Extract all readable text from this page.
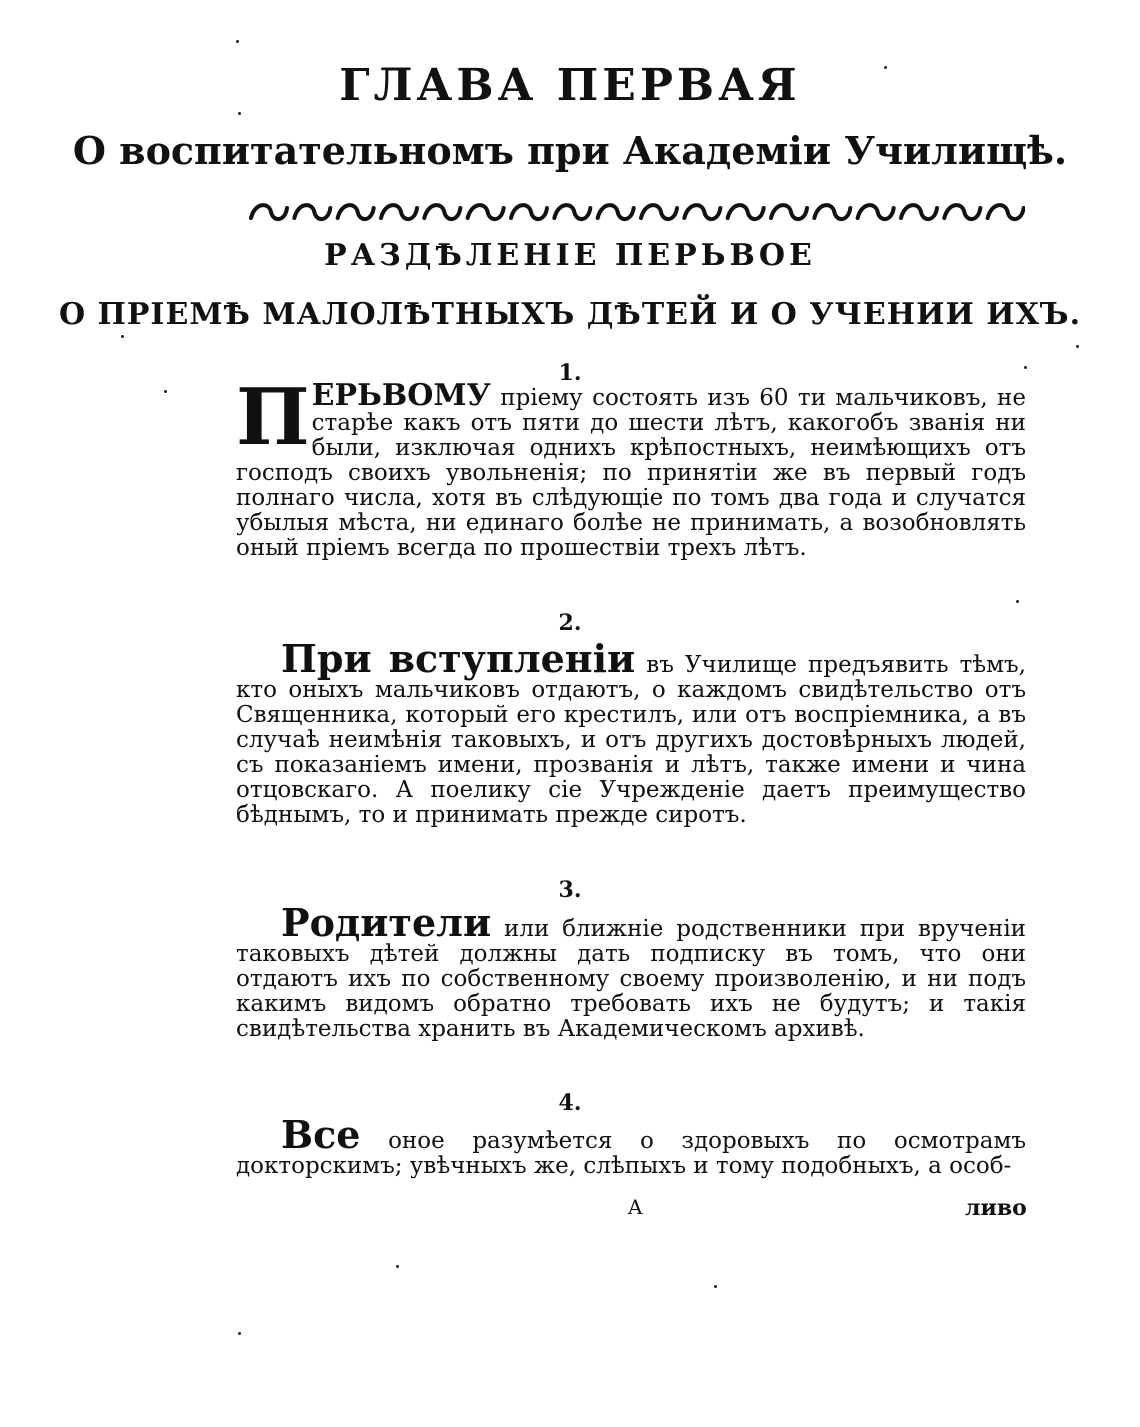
ГЛАВА ПЕРВАЯ
О воспитательномъ при Академiи Училищѣ.
РАЗДѢЛЕНIЕ ПЕРЬВОЕ
О ПРIЕМѢ МАЛОЛѢТНЫХЪ ДѢТЕЙ И О УЧЕНИИ ИХЪ.
1.
П ЕРЬВОМУ прiему состоять изъ 60 ти мальчиковъ, не старѣе какъ отъ пяти до шести лѣтъ, какогобъ званiя ни были, изключая однихъ крѣпостныхъ, неимѣющихъ отъ господъ своихъ увольненiя; по принятiи же въ первый годъ полнаго числа, хотя въ слѣдующiе по томъ два года и случатся убылыя мѣста, ни единаго болѣе не принимать, а возобновлять оный прiемъ всегда по прошествiи трехъ лѣтъ.
2.
При вступленiи въ Училище предъявить тѣмъ, кто оныхъ мальчиковъ отдаютъ, о каждомъ свидѣтельство отъ Священника, который его крестилъ, или отъ воспрiемника, а въ случаѣ неимѣнiя таковыхъ, и отъ другихъ достовѣрныхъ людей, съ показанiемъ имени, прозванiя и лѣтъ, также имени и чина отцовскаго. А поелику сiе Учрежденiе даетъ преимущество бѣднымъ, то и принимать прежде сиротъ.
3.
Родители или ближнiе родственники при врученiи таковыхъ дѣтей должны дать подписку въ томъ, что они отдаютъ ихъ по собственному своему произволенiю, и ни подъ какимъ видомъ обратно требовать ихъ не будутъ; и такiя свидѣтельства хранить въ Академическомъ архивѣ.
4.
Все оное разумѣется о здоровыхъ по осмотрамъ докторскимъ; увѣчныхъ же, слѣпыхъ и тому подобныхъ, а особ-
A	ливо
